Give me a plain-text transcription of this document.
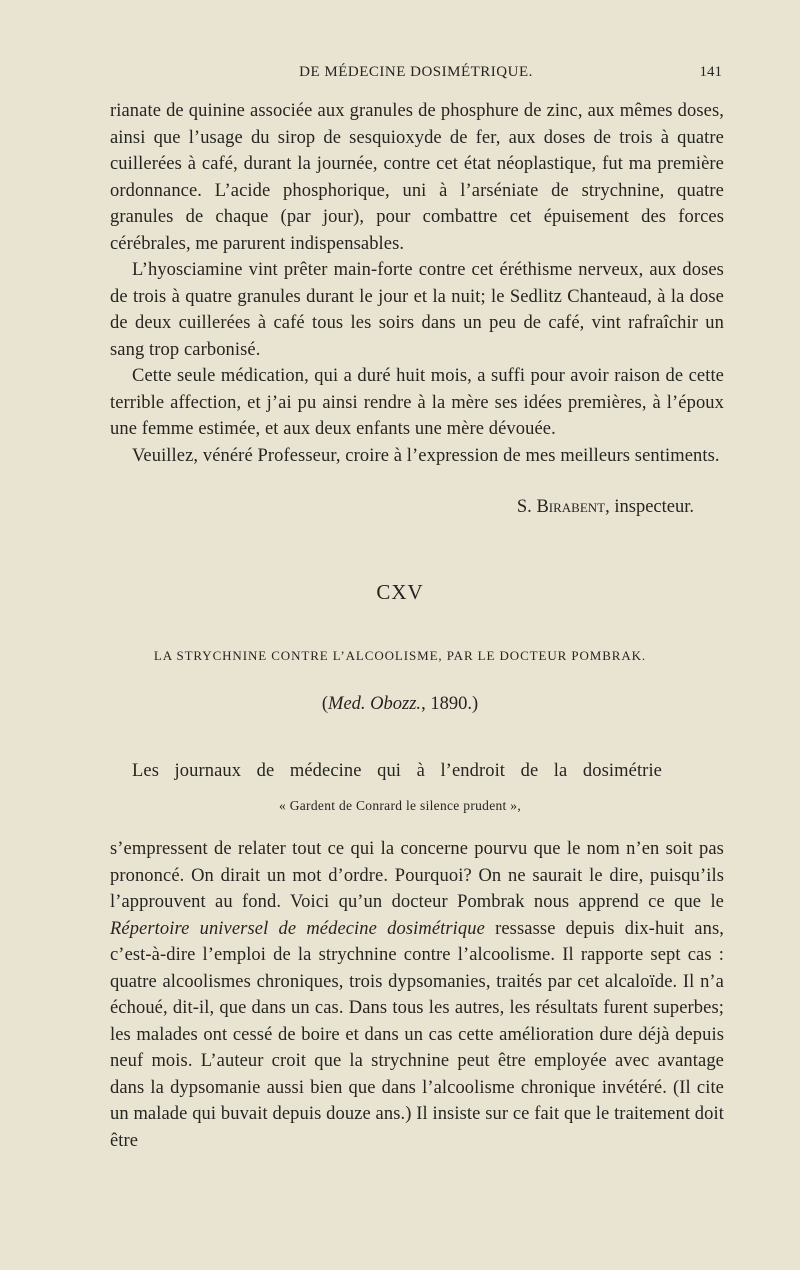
DE MÉDECINE DOSIMÉTRIQUE.	141

rianate de quinine associée aux granules de phosphure de zinc, aux mêmes doses, ainsi que l’usage du sirop de sesquioxyde de fer, aux doses de trois à quatre cuillerées à café, durant la journée, contre cet état néoplastique, fut ma première ordonnance. L’acide phosphorique, uni à l’arséniate de strychnine, quatre granules de chaque (par jour), pour combattre cet épuisement des forces cérébrales, me parurent indispensables.

L’hyosciamine vint prêter main-forte contre cet éréthisme nerveux, aux doses de trois à quatre granules durant le jour et la nuit; le Sedlitz Chanteaud, à la dose de deux cuillerées à café tous les soirs dans un peu de café, vint rafraîchir un sang trop carbonisé.

Cette seule médication, qui a duré huit mois, a suffi pour avoir raison de cette terrible affection, et j’ai pu ainsi rendre à la mère ses idées premières, à l’époux une femme estimée, et aux deux enfants une mère dévouée.

Veuillez, vénéré Professeur, croire à l’expression de mes meilleurs sentiments.

S. Birabent, inspecteur.
CXV
LA STRYCHNINE CONTRE L’ALCOOLISME, PAR LE DOCTEUR POMBRAK.
(Med. Obozz., 1890.)
Les journaux de médecine qui à l’endroit de la dosimétrie
« Gardent de Conrard le silence prudent »,

s’empressent de relater tout ce qui la concerne pourvu que le nom n’en soit pas prononcé. On dirait un mot d’ordre. Pourquoi? On ne saurait le dire, puisqu’ils l’approuvent au fond. Voici qu’un docteur Pombrak nous apprend ce que le Répertoire universel de médecine dosimétrique ressasse depuis dix-huit ans, c’est-à-dire l’emploi de la strychnine contre l’alcoolisme. Il rapporte sept cas : quatre alcoolismes chroniques, trois dypsomanies, traités par cet alcaloïde. Il n’a échoué, dit-il, que dans un cas. Dans tous les autres, les résultats furent superbes; les malades ont cessé de boire et dans un cas cette amélioration dure déjà depuis neuf mois. L’auteur croit que la strychnine peut être employée avec avantage dans la dypsomanie aussi bien que dans l’alcoolisme chronique invétéré. (Il cite un malade qui buvait depuis douze ans.) Il insiste sur ce fait que le traitement doit être
